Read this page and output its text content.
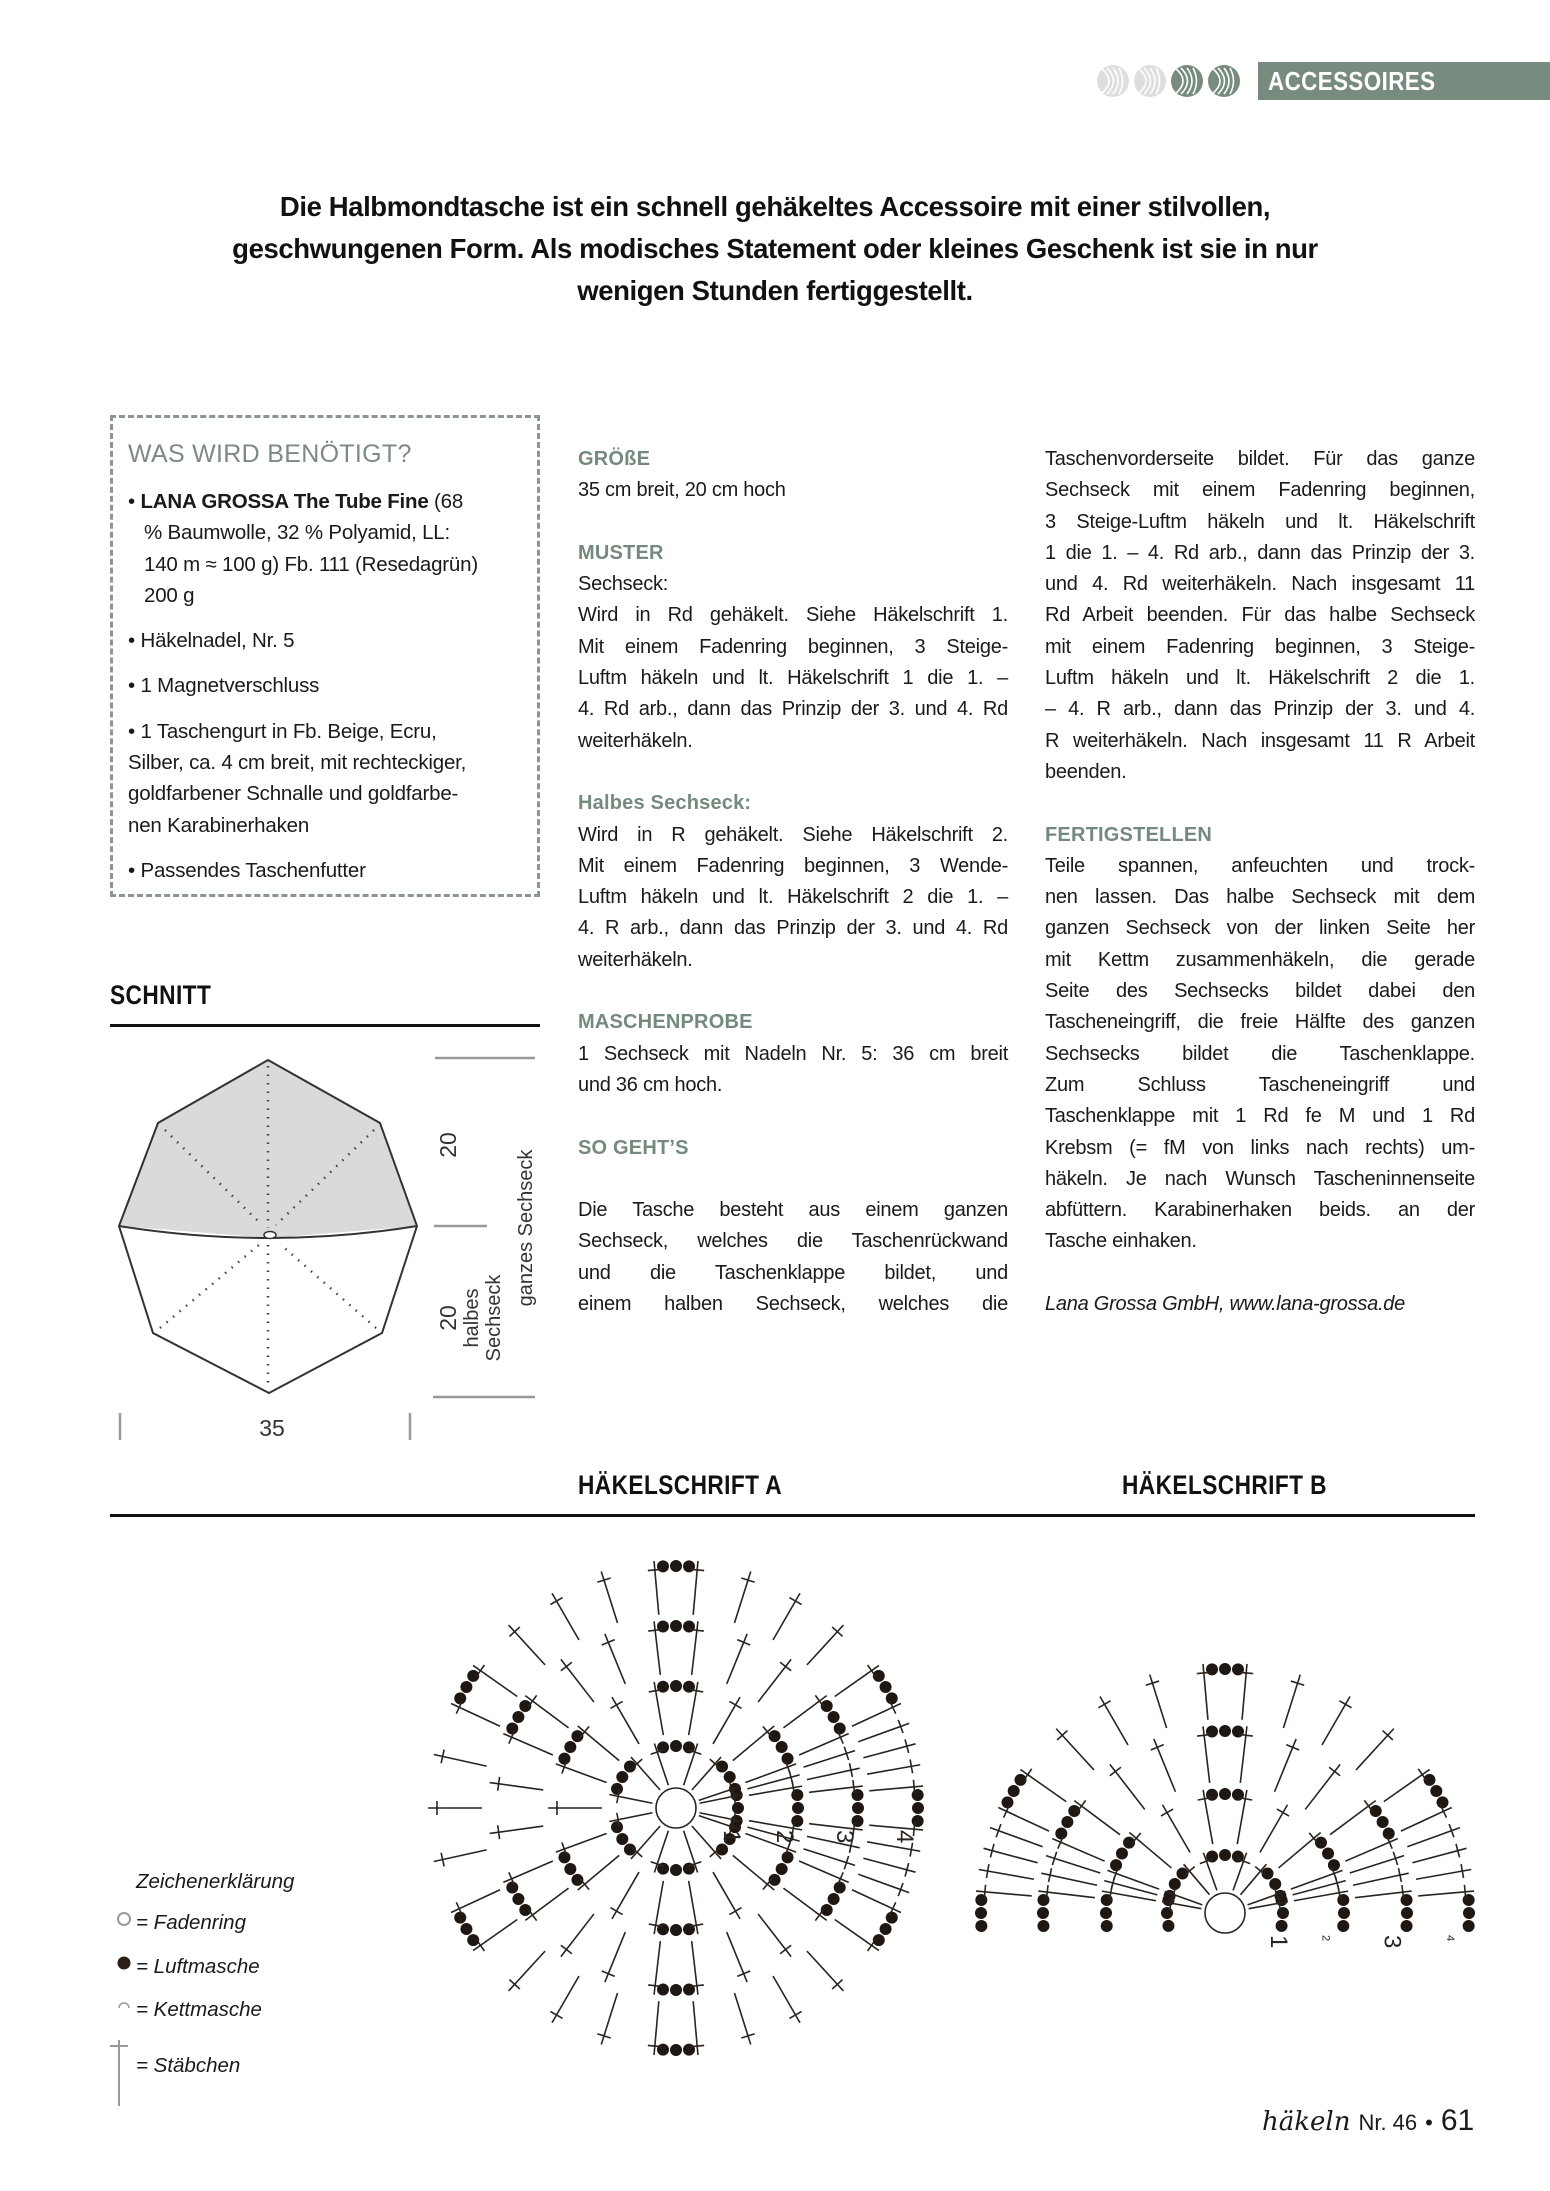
ACCESSOIRES
Die Halbmondtasche ist ein schnell gehäkeltes Accessoire mit einer stilvollen,
geschwungenen Form. Als modisches Statement oder kleines Geschenk ist sie in nur
wenigen Stunden fertiggestellt.
WAS WIRD BENÖTIGT?
• LANA GROSSA The Tube Fine (68
% Baumwolle, 32 % Polyamid, LL:
140 m ≈ 100 g) Fb. 111 (Resedagrün)
200 g
• Häkelnadel, Nr. 5
• 1 Magnetverschluss
• 1 Taschengurt in Fb. Beige, Ecru,
Silber, ca. 4 cm breit, mit rechteckiger,
goldfarbener Schnalle und goldfarbe-
nen Karabinerhaken
• Passendes Taschenfutter
SCHNITT
35
20
20 halbes Sechseck
ganzes Sechseck
GRÖßE
35 cm breit, 20 cm hoch
MUSTER
Sechseck:
Wird in Rd gehäkelt. Siehe Häkelschrift 1.
Mit einem Fadenring beginnen, 3 Steige-
Luftm häkeln und lt. Häkelschrift 1 die 1. –
4. Rd arb., dann das Prinzip der 3. und 4. Rd
weiterhäkeln.
Halbes Sechseck:
Wird in R gehäkelt. Siehe Häkelschrift 2.
Mit einem Fadenring beginnen, 3 Wende-
Luftm häkeln und lt. Häkelschrift 2 die 1. –
4. R arb., dann das Prinzip der 3. und 4. Rd
weiterhäkeln.
MASCHENPROBE
1 Sechseck mit Nadeln Nr. 5: 36 cm breit
und 36 cm hoch.
SO GEHT’S
Die Tasche besteht aus einem ganzen
Sechseck, welches die Taschenrückwand
und die Taschenklappe bildet, und
einem halben Sechseck, welches die
Taschenvorderseite bildet. Für das ganze
Sechseck mit einem Fadenring beginnen,
3 Steige-Luftm häkeln und lt. Häkelschrift
1 die 1. – 4. Rd arb., dann das Prinzip der 3.
und 4. Rd weiterhäkeln. Nach insgesamt 11
Rd Arbeit beenden. Für das halbe Sechseck
mit einem Fadenring beginnen, 3 Steige-
Luftm häkeln und lt. Häkelschrift 2 die 1.
– 4. R arb., dann das Prinzip der 3. und 4.
R weiterhäkeln. Nach insgesamt 11 R Arbeit
beenden.
FERTIGSTELLEN
Teile spannen, anfeuchten und trock-
nen lassen. Das halbe Sechseck mit dem
ganzen Sechseck von der linken Seite her
mit Kettm zusammenhäkeln, die gerade
Seite des Sechsecks bildet dabei den
Tascheneingriff, die freie Hälfte des ganzen
Sechsecks bildet die Taschenklappe.
Zum Schluss Tascheneingriff und
Taschenklappe mit 1 Rd fe M und 1 Rd
Krebsm (= fM von links nach rechts) um-
häkeln. Je nach Wunsch Tascheninnenseite
abfüttern. Karabinerhaken beids. an der
Tasche einhaken.
Lana Grossa GmbH, www.lana-grossa.de
HÄKELSCHRIFT A	HÄKELSCHRIFT B
1 2 3 4
1	2 3	4
Zeichenerklärung
= Fadenring
= Luftmasche
= Kettmasche
= Stäbchen
häkeln Nr. 46 • 61
